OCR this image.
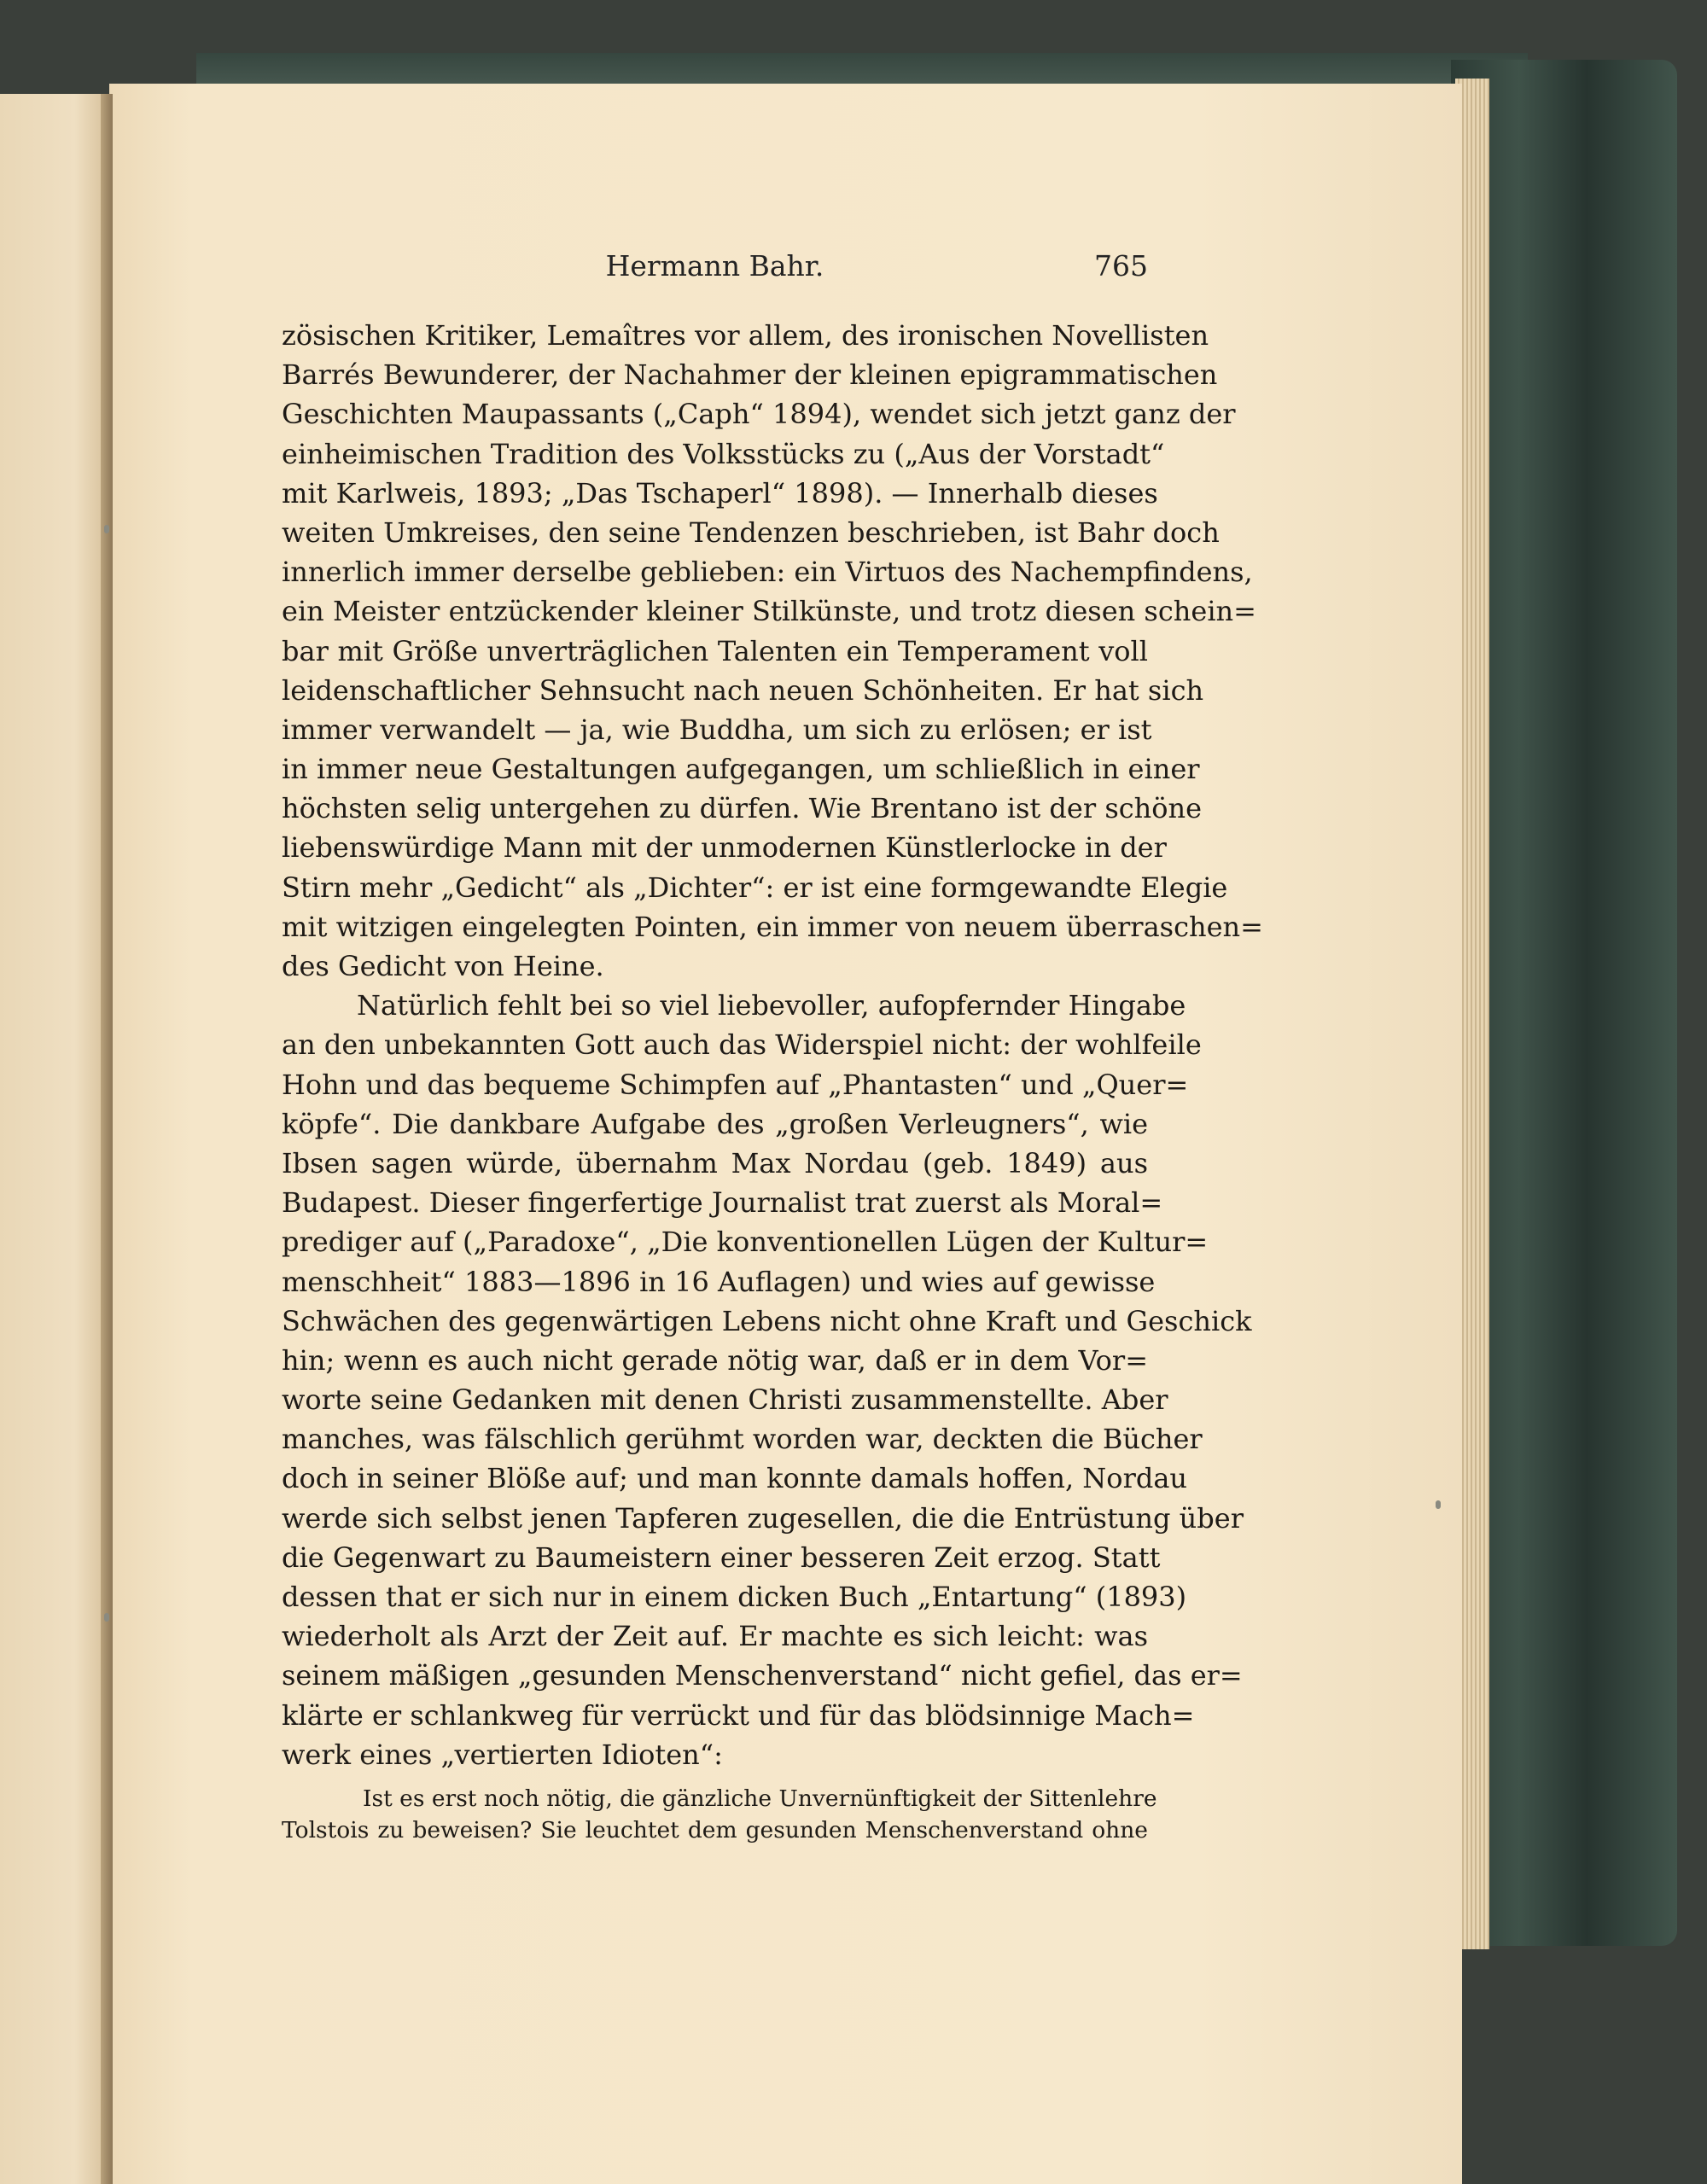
Hermann Bahr.	765
zösischen Kritiker, Lemaîtres vor allem, des ironischen Novellisten
Barrés Bewunderer, der Nachahmer der kleinen epigrammatischen
Geschichten Maupassants („Caph“ 1894), wendet sich jetzt ganz der
einheimischen Tradition des Volksstücks zu („Aus der Vorstadt“
mit Karlweis, 1893; „Das Tschaperl“ 1898). — Innerhalb dieses
weiten Umkreises, den seine Tendenzen beschrieben, ist Bahr doch
innerlich immer derselbe geblieben: ein Virtuos des Nachempfindens,
ein Meister entzückender kleiner Stilkünste, und trotz diesen schein=
bar mit Größe unverträglichen Talenten ein Temperament voll
leidenschaftlicher Sehnsucht nach neuen Schönheiten. Er hat sich
immer verwandelt — ja, wie Buddha, um sich zu erlösen; er ist
in immer neue Gestaltungen aufgegangen, um schließlich in einer
höchsten selig untergehen zu dürfen. Wie Brentano ist der schöne
liebenswürdige Mann mit der unmodernen Künstlerlocke in der
Stirn mehr „Gedicht“ als „Dichter“: er ist eine formgewandte Elegie
mit witzigen eingelegten Pointen, ein immer von neuem überraschen=
des Gedicht von Heine.
Natürlich fehlt bei so viel liebevoller, aufopfernder Hingabe
an den unbekannten Gott auch das Widerspiel nicht: der wohlfeile
Hohn und das bequeme Schimpfen auf „Phantasten“ und „Quer=
köpfe“. Die dankbare Aufgabe des „großen Verleugners“, wie
Ibsen sagen würde, übernahm Max Nordau (geb. 1849) aus
Budapest. Dieser fingerfertige Journalist trat zuerst als Moral=
prediger auf („Paradoxe“, „Die konventionellen Lügen der Kultur=
menschheit“ 1883—1896 in 16 Auflagen) und wies auf gewisse
Schwächen des gegenwärtigen Lebens nicht ohne Kraft und Geschick
hin; wenn es auch nicht gerade nötig war, daß er in dem Vor=
worte seine Gedanken mit denen Christi zusammenstellte. Aber
manches, was fälschlich gerühmt worden war, deckten die Bücher
doch in seiner Blöße auf; und man konnte damals hoffen, Nordau
werde sich selbst jenen Tapferen zugesellen, die die Entrüstung über
die Gegenwart zu Baumeistern einer besseren Zeit erzog. Statt
dessen that er sich nur in einem dicken Buch „Entartung“ (1893)
wiederholt als Arzt der Zeit auf. Er machte es sich leicht: was
seinem mäßigen „gesunden Menschenverstand“ nicht gefiel, das er=
klärte er schlankweg für verrückt und für das blödsinnige Mach=
werk eines „vertierten Idioten“:
Ist es erst noch nötig, die gänzliche Unvernünftigkeit der Sittenlehre
Tolstois zu beweisen? Sie leuchtet dem gesunden Menschenverstand ohne
